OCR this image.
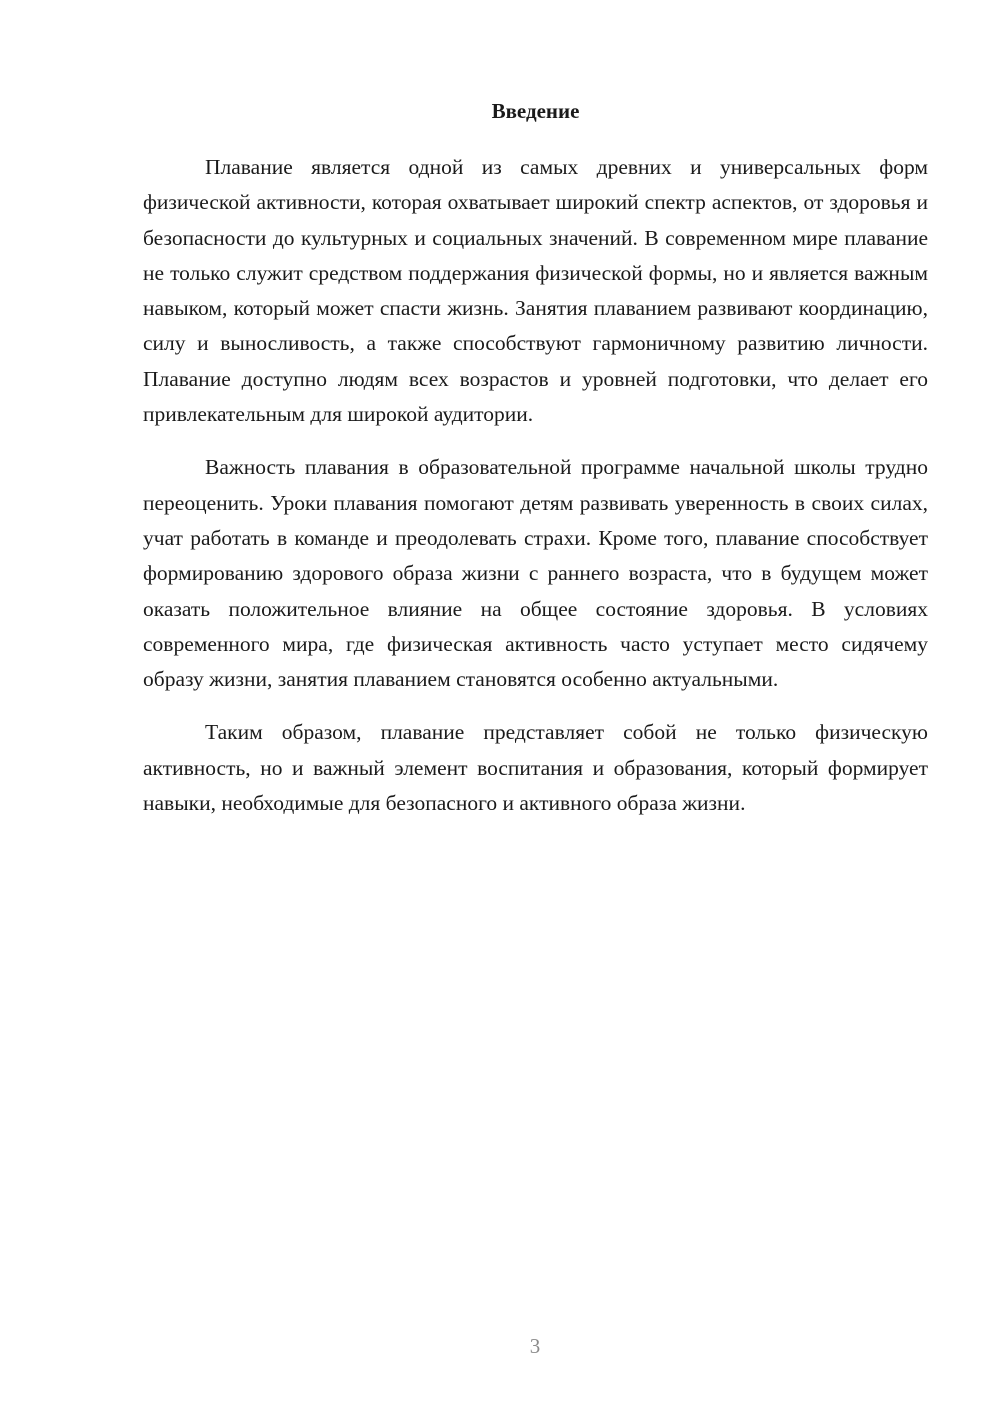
Введение

Плавание является одной из самых древних и универсальных форм физической активности, которая охватывает широкий спектр аспектов, от здоровья и безопасности до культурных и социальных значений. В современном мире плавание не только служит средством поддержания физической формы, но и является важным навыком, который может спасти жизнь. Занятия плаванием развивают координацию, силу и выносливость, а также способствуют гармоничному развитию личности. Плавание доступно людям всех возрастов и уровней подготовки, что делает его привлекательным для широкой аудитории.

Важность плавания в образовательной программе начальной школы трудно переоценить. Уроки плавания помогают детям развивать уверенность в своих силах, учат работать в команде и преодолевать страхи. Кроме того, плавание способствует формированию здорового образа жизни с раннего возраста, что в будущем может оказать положительное влияние на общее состояние здоровья. В условиях современного мира, где физическая активность часто уступает место сидячему образу жизни, занятия плаванием становятся особенно актуальными.

Таким образом, плавание представляет собой не только физическую активность, но и важный элемент воспитания и образования, который формирует навыки, необходимые для безопасного и активного образа жизни.

3
